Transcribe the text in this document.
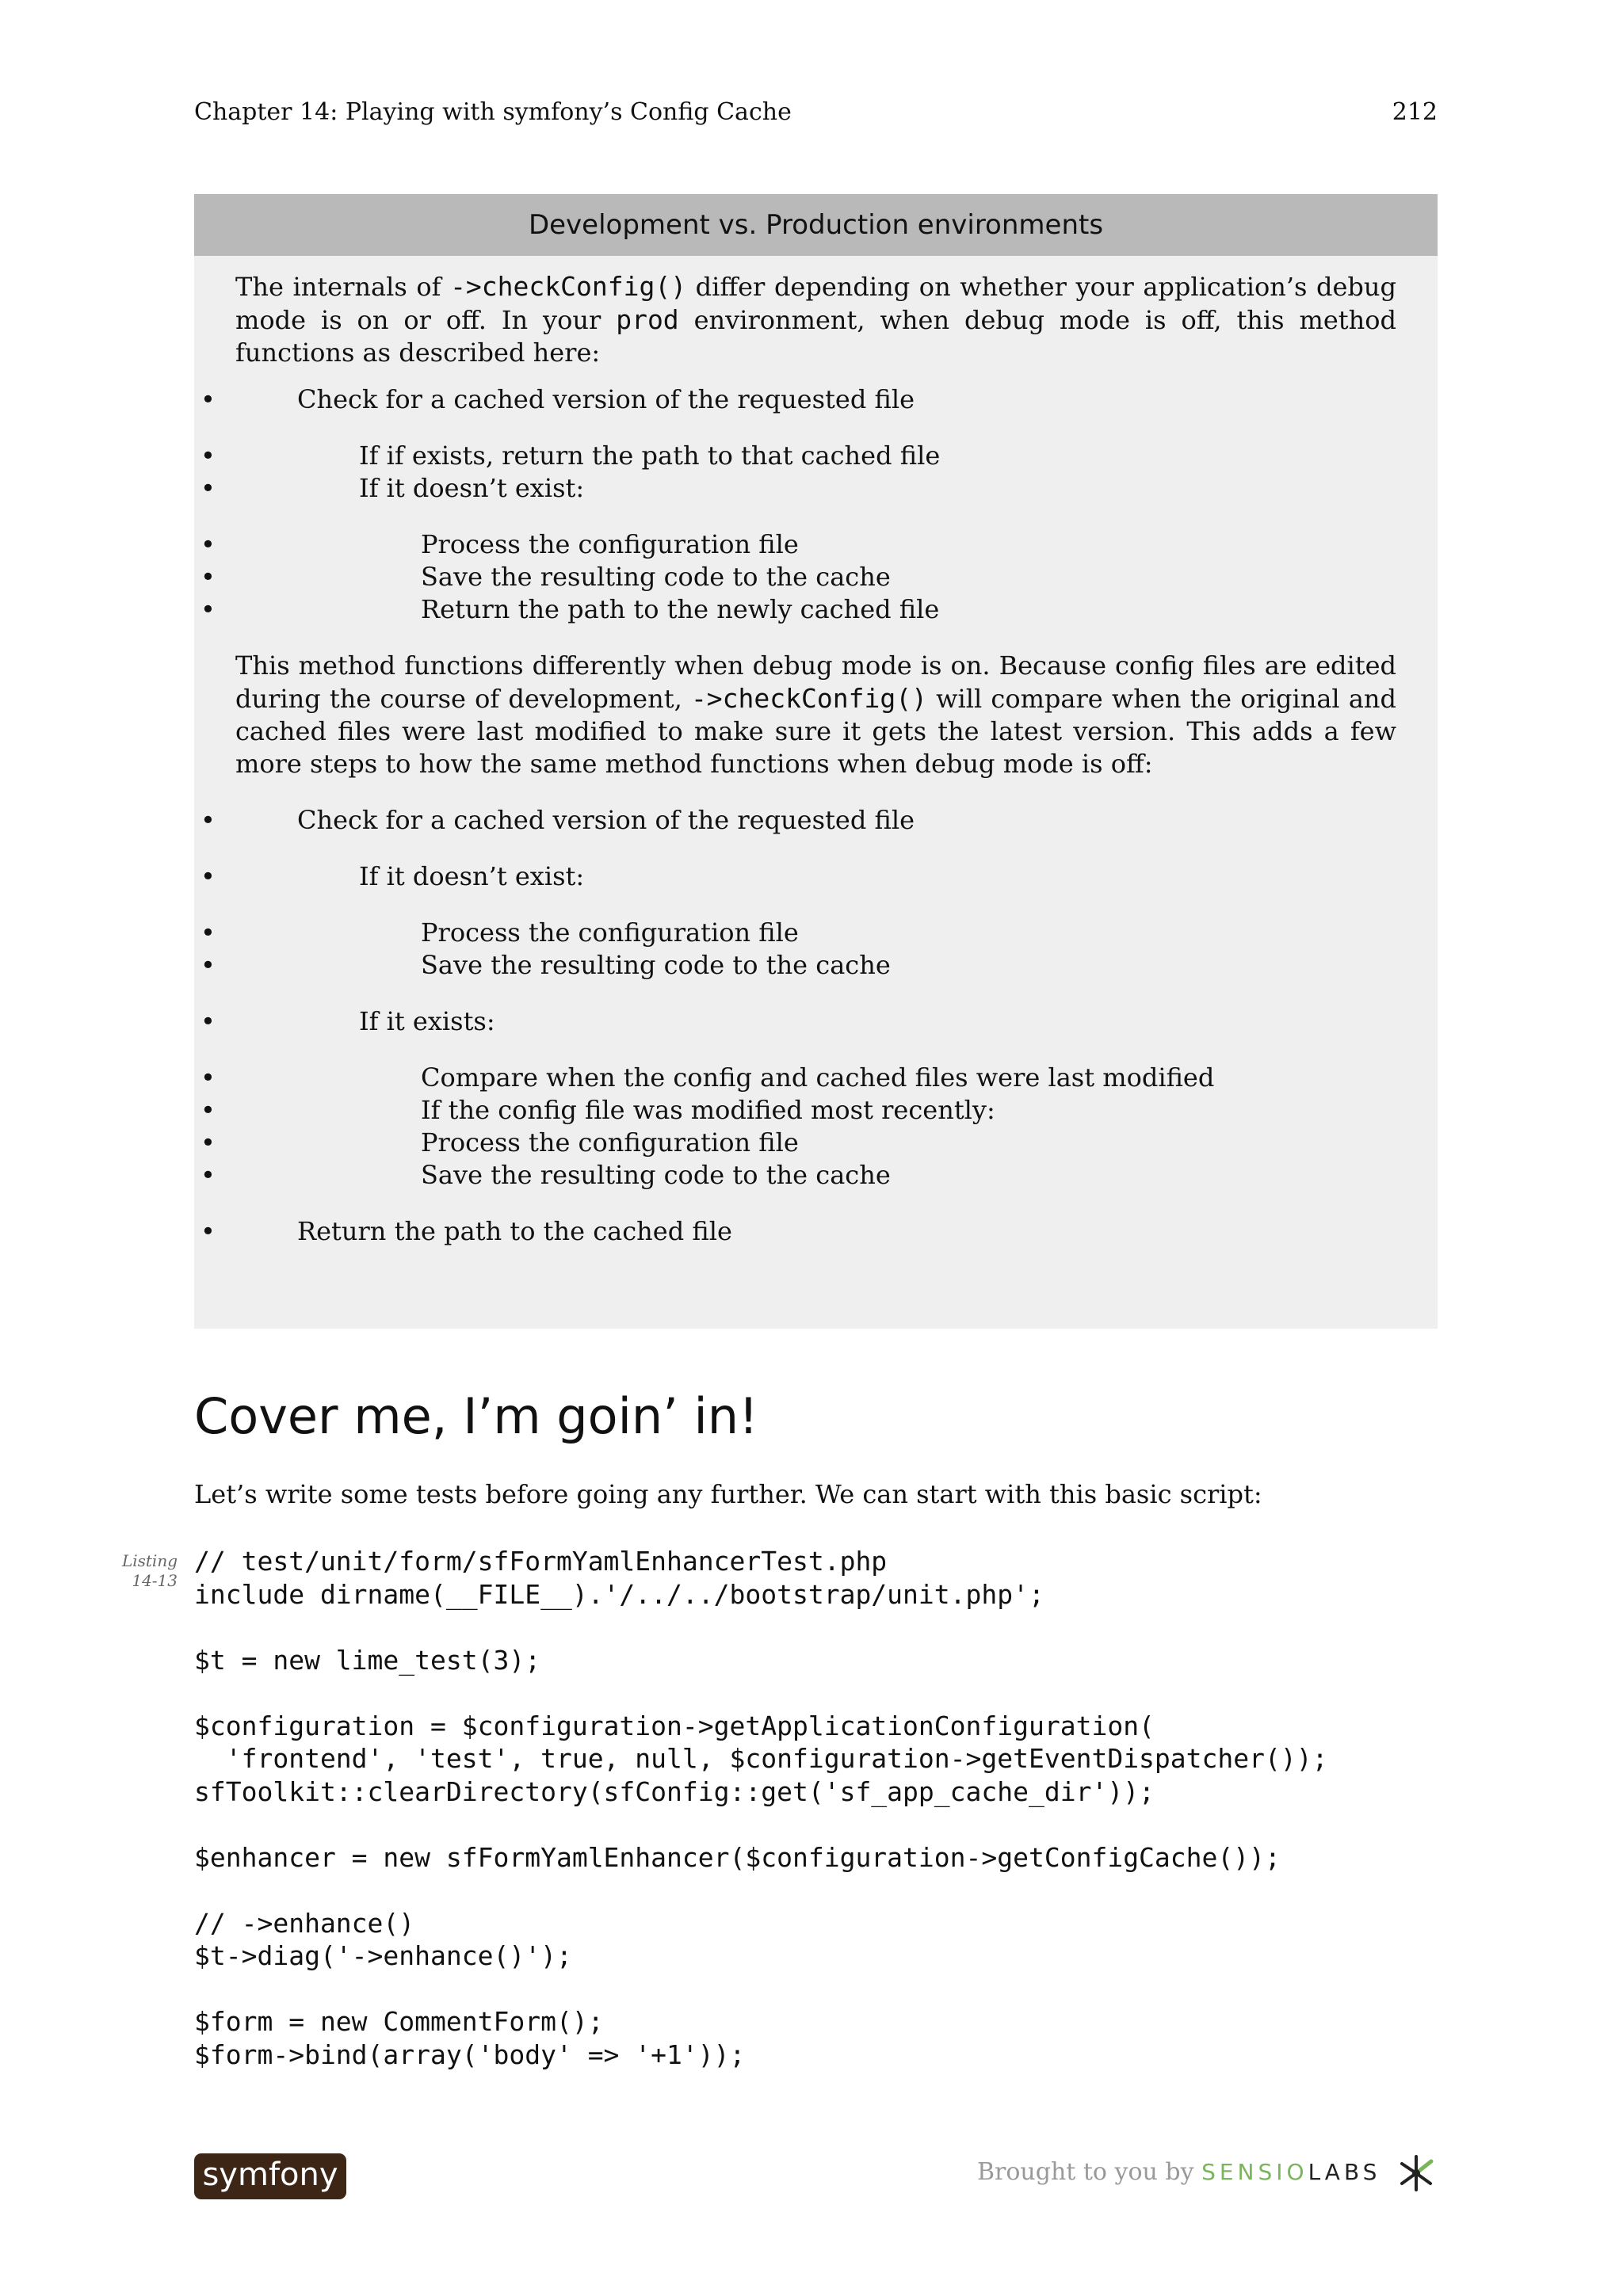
Chapter 14: Playing with symfony’s Config Cache	212
Development vs. Production environments

The internals of ->checkConfig() differ depending on whether your application’s debug mode is on or off. In your prod environment, when debug mode is off, this method functions as described here:

• Check for a cached version of the requested file
• If if exists, return the path to that cached file
• If it doesn’t exist:
• Process the configuration file
• Save the resulting code to the cache
• Return the path to the newly cached file

This method functions differently when debug mode is on. Because config files are edited during the course of development, ->checkConfig() will compare when the original and cached files were last modified to make sure it gets the latest version. This adds a few more steps to how the same method functions when debug mode is off:

• Check for a cached version of the requested file
• If it doesn’t exist:
• Process the configuration file
• Save the resulting code to the cache
• If it exists:
• Compare when the config and cached files were last modified
• If the config file was modified most recently:
• Process the configuration file
• Save the resulting code to the cache
• Return the path to the cached file
Cover me, I’m goin’ in!

Let’s write some tests before going any further. We can start with this basic script:

Listing
14-13
// test/unit/form/sfFormYamlEnhancerTest.php
include dirname(__FILE__).'/../../bootstrap/unit.php';
$t = new lime_test(3);
$configuration = $configuration->getApplicationConfiguration(
'frontend', 'test', true, null, $configuration->getEventDispatcher());
sfToolkit::clearDirectory(sfConfig::get('sf_app_cache_dir'));
$enhancer = new sfFormYamlEnhancer($configuration->getConfigCache());
// ->enhance()
$t->diag('->enhance()');
$form = new CommentForm();
$form->bind(array('body' => '+1'));
symfony	Brought to you by SENSIOLABS
